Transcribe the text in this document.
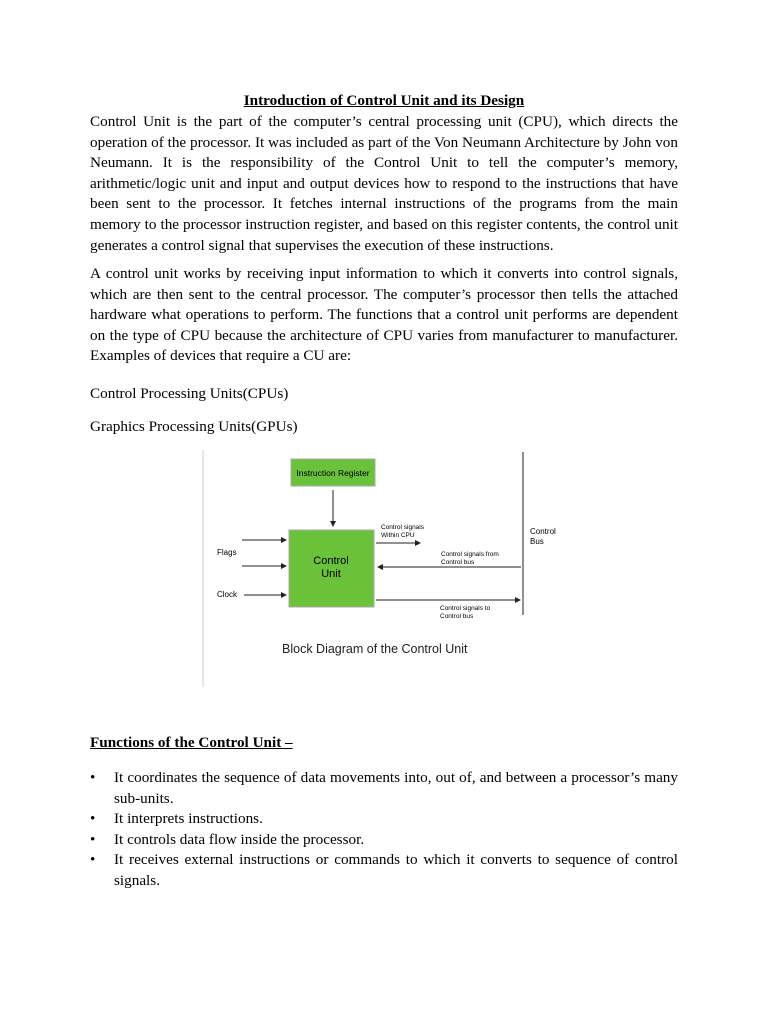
Introduction of Control Unit and its Design
Control Unit is the part of the computer’s central processing unit (CPU), which directs the operation of the processor. It was included as part of the Von Neumann Architecture by John von Neumann. It is the responsibility of the Control Unit to tell the computer’s memory, arithmetic/logic unit and input and output devices how to respond to the instructions that have been sent to the processor. It fetches internal instructions of the programs from the main memory to the processor instruction register, and based on this register contents, the control unit generates a control signal that supervises the execution of these instructions.
A control unit works by receiving input information to which it converts into control signals, which are then sent to the central processor. The computer’s processor then tells the attached hardware what operations to perform. The functions that a control unit performs are dependent on the type of CPU because the architecture of CPU varies from manufacturer to manufacturer. Examples of devices that require a CU are:
Control Processing Units(CPUs)
Graphics Processing Units(GPUs)
Instruction Register
Control
Unit
Flags
Clock
Control signals
Within CPU	Control
Bus
Control signals from
Control bus
Control signals to
Control bus
Block Diagram of the Control Unit
Functions of the Control Unit –
• It coordinates the sequence of data movements into, out of, and between a processor’s many sub-units.
• It interprets instructions.
• It controls data flow inside the processor.
• It receives external instructions or commands to which it converts to sequence of control signals.
